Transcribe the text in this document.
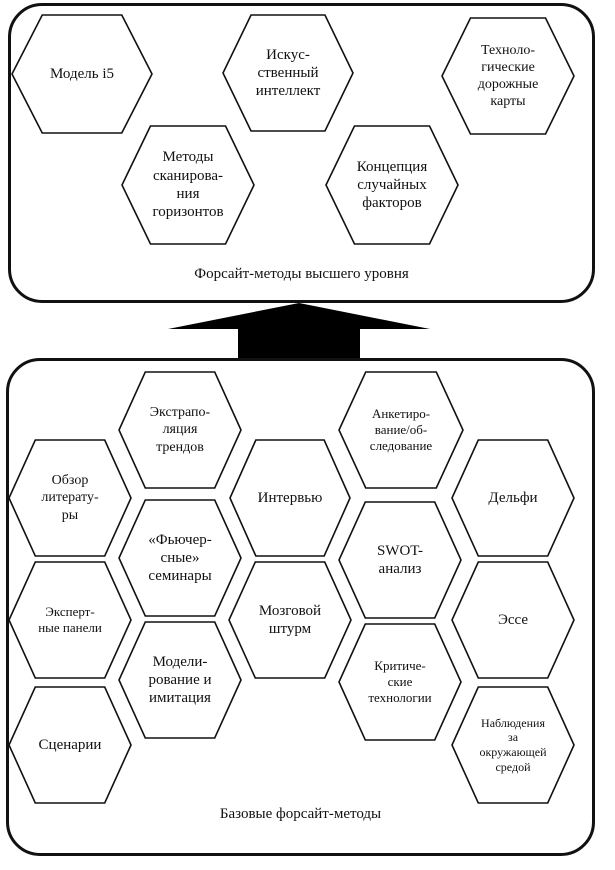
Форсайт-методы высшего уровня
Базовые форсайт-методы
Модель i5
Искус-
ственный
интеллект
Техноло-
гические
дорожные
карты
Методы
сканирова-
ния
горизонтов
Концепция
случайных
факторов
Экстрапо-
ляция
трендов
Анкетиро-
вание/об-
следование
Обзор
литерату-
ры
Интервью	Дельфи
«Фьючер-
сные»
семинары
SWOT-
анализ
Эксперт-
ные панели
Мозговой
штурм
Эссе
Модели-
рование и
имитация
Критиче-
ские
технологии
Сценарии
Наблюдения
за
окружающей
средой
